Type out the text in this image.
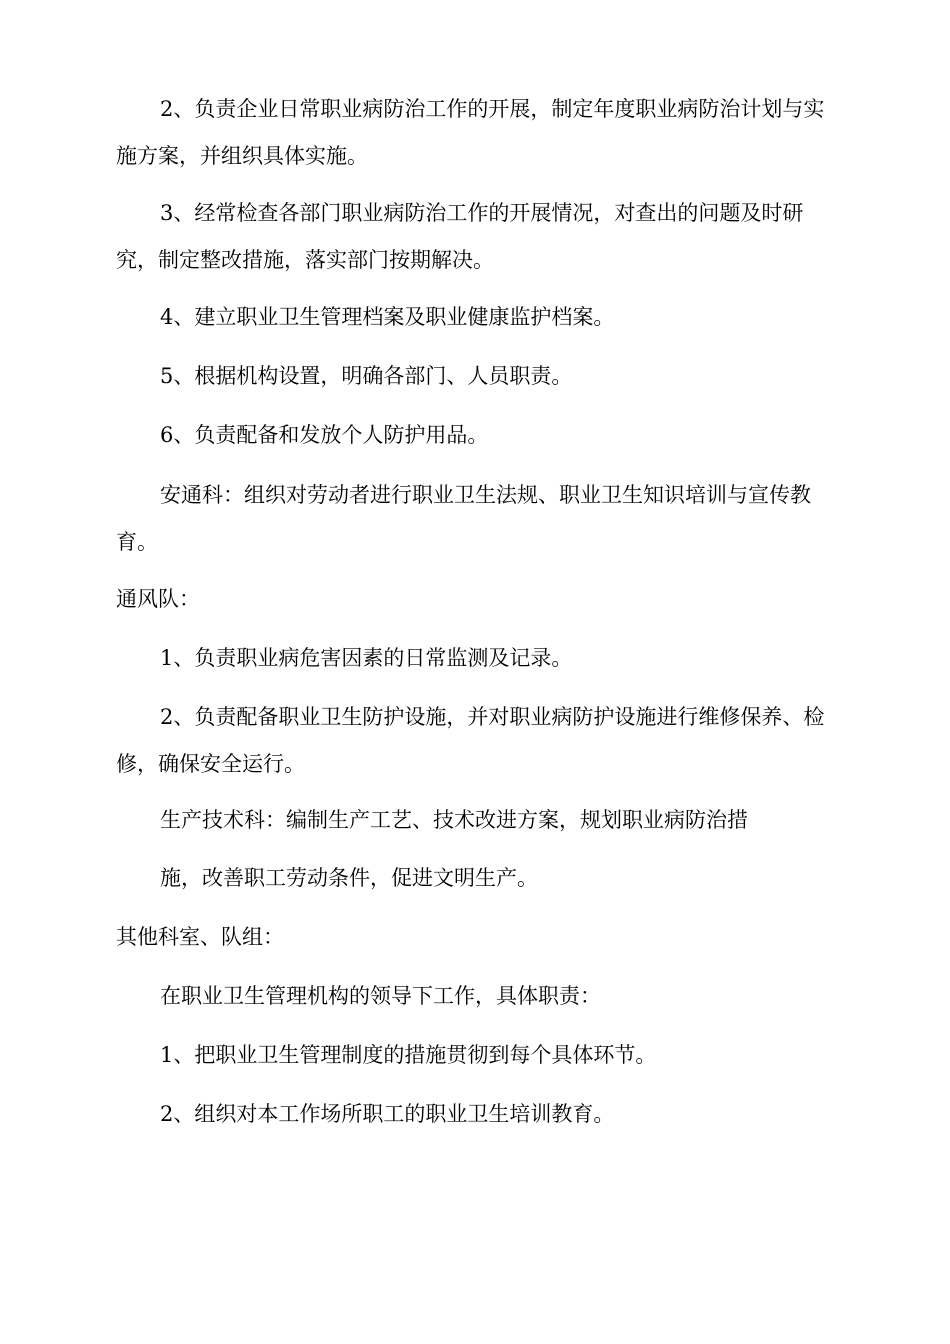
2、负责企业日常职业病防治工作的开展，制定年度职业病防治计划与实施方案，并组织具体实施。

3、经常检查各部门职业病防治工作的开展情况，对查出的问题及时研究，制定整改措施，落实部门按期解决。

4、建立职业卫生管理档案及职业健康监护档案。

5、根据机构设置，明确各部门、人员职责。

6、负责配备和发放个人防护用品。

安通科：组织对劳动者进行职业卫生法规、职业卫生知识培训与宣传教育。

通风队：

1、负责职业病危害因素的日常监测及记录。

2、负责配备职业卫生防护设施，并对职业病防护设施进行维修保养、检修，确保安全运行。

生产技术科：编制生产工艺、技术改进方案，规划职业病防治措

施，改善职工劳动条件，促进文明生产。

其他科室、队组：

在职业卫生管理机构的领导下工作，具体职责：

1、把职业卫生管理制度的措施贯彻到每个具体环节。

2、组织对本工作场所职工的职业卫生培训教育。
